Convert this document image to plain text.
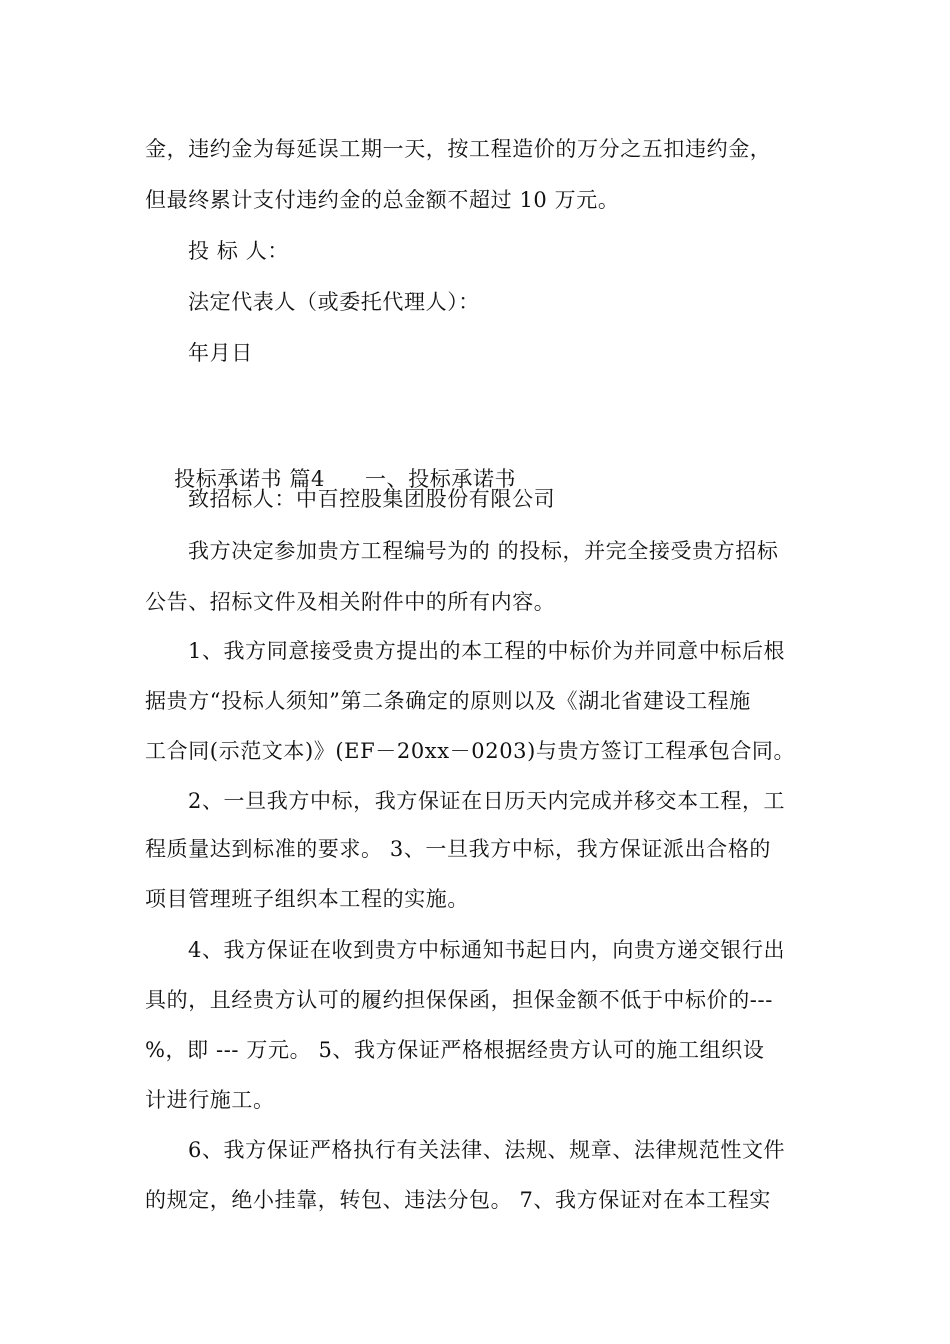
金，违约金为每延误工期一天，按工程造价的万分之五扣违约金，
但最终累计支付违约金的总金额不超过 10 万元。
投 标 人：
法定代表人（或委托代理人）：
年月日

投标承诺书 篇4 一、投标承诺书

致招标人：中百控股集团股份有限公司
我方决定参加贵方工程编号为的 的投标，并完全接受贵方招标
公告、招标文件及相关附件中的所有内容。
1、我方同意接受贵方提出的本工程的中标价为并同意中标后根
据贵方“投标人须知”第二条确定的原则以及《湖北省建设工程施
工合同(示范文本)》(EF－20xx－0203)与贵方签订工程承包合同。
2、一旦我方中标，我方保证在日历天内完成并移交本工程，工
程质量达到标准的要求。 3、一旦我方中标，我方保证派出合格的
项目管理班子组织本工程的实施。
4、我方保证在收到贵方中标通知书起日内，向贵方递交银行出
具的，且经贵方认可的履约担保保函，担保金额不低于中标价的---
%，即 --- 万元。 5、我方保证严格根据经贵方认可的施工组织设
计进行施工。
6、我方保证严格执行有关法律、法规、规章、法律规范性文件
的规定，绝小挂靠，转包、违法分包。 7、我方保证对在本工程实
